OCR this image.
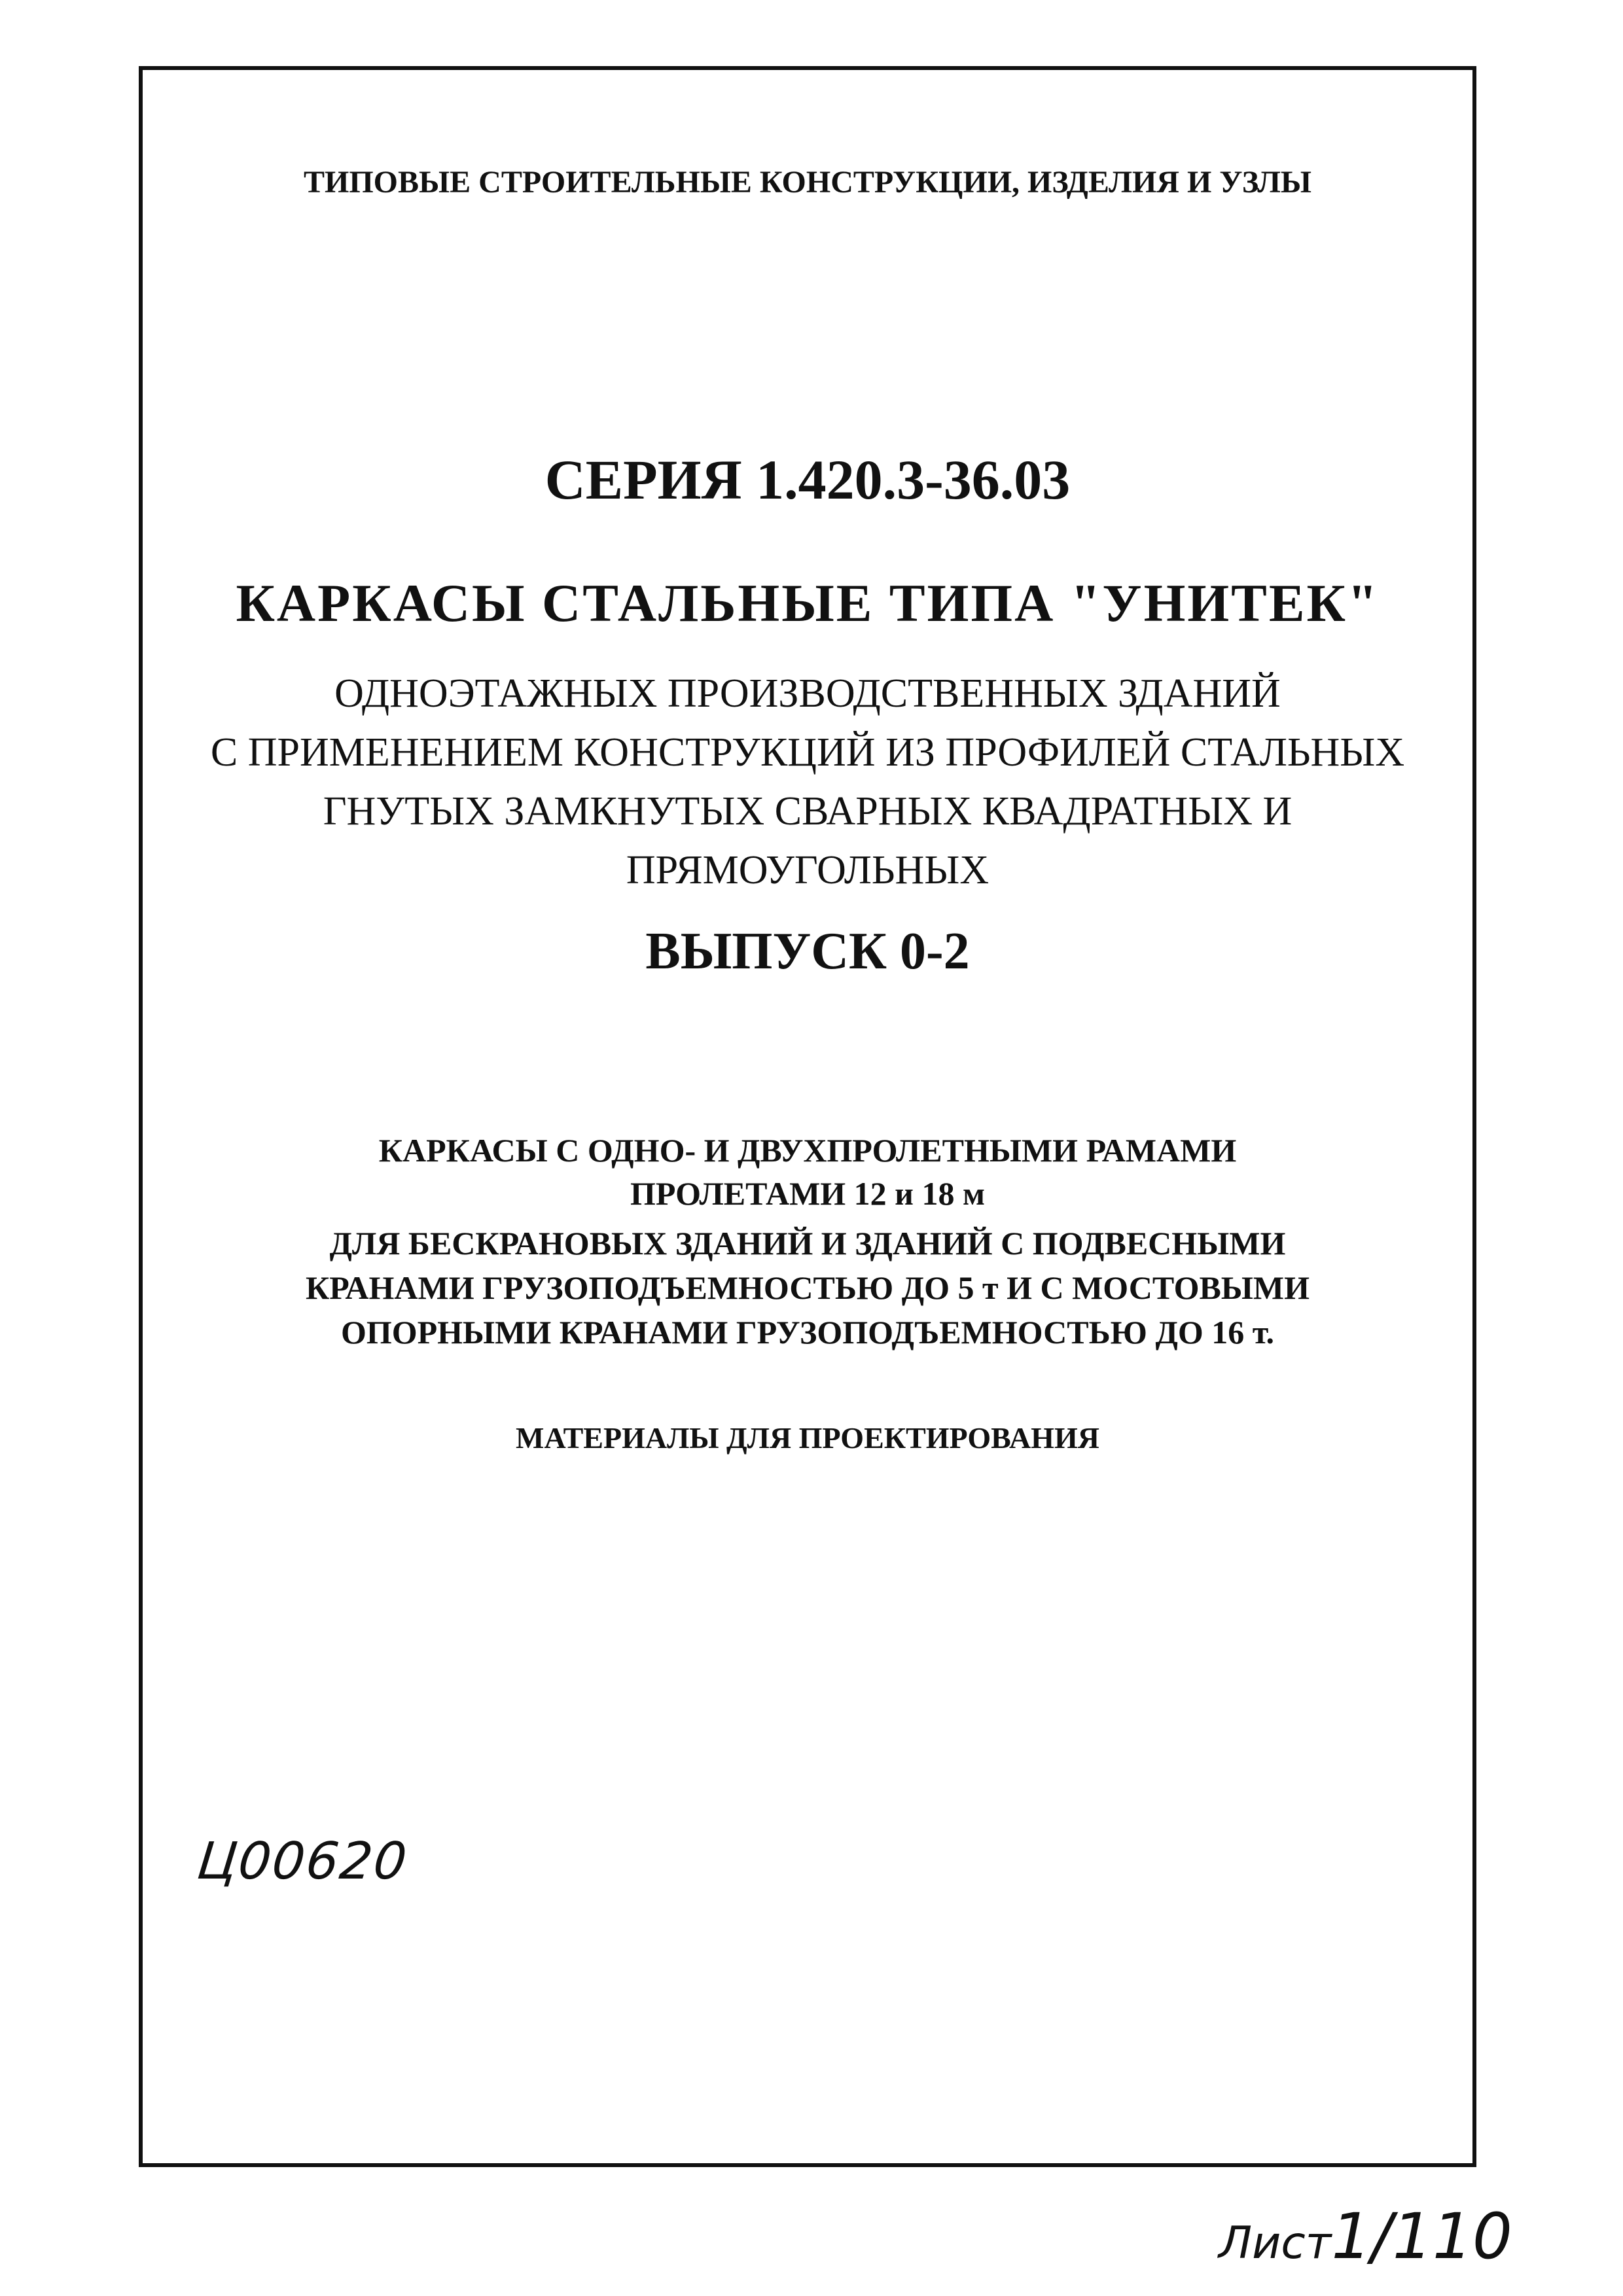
ТИПОВЫЕ СТРОИТЕЛЬНЫЕ КОНСТРУКЦИИ, ИЗДЕЛИЯ И УЗЛЫ
СЕРИЯ 1.420.3-36.03
КАРКАСЫ СТАЛЬНЫЕ ТИПА "УНИТЕК"
ОДНОЭТАЖНЫХ ПРОИЗВОДСТВЕННЫХ ЗДАНИЙ
С ПРИМЕНЕНИЕМ КОНСТРУКЦИЙ ИЗ ПРОФИЛЕЙ СТАЛЬНЫХ
ГНУТЫХ ЗАМКНУТЫХ СВАРНЫХ КВАДРАТНЫХ И
ПРЯМОУГОЛЬНЫХ
ВЫПУСК 0-2
КАРКАСЫ С ОДНО- И ДВУХПРОЛЕТНЫМИ РАМАМИ
ПРОЛЕТАМИ 12 и 18 м
ДЛЯ БЕСКРАНОВЫХ ЗДАНИЙ И ЗДАНИЙ С ПОДВЕСНЫМИ
КРАНАМИ ГРУЗОПОДЪЕМНОСТЬЮ ДО 5 т И С МОСТОВЫМИ
ОПОРНЫМИ КРАНАМИ ГРУЗОПОДЪЕМНОСТЬЮ ДО 16 т.
МАТЕРИАЛЫ ДЛЯ ПРОЕКТИРОВАНИЯ
Ц00620
Лист1/110
